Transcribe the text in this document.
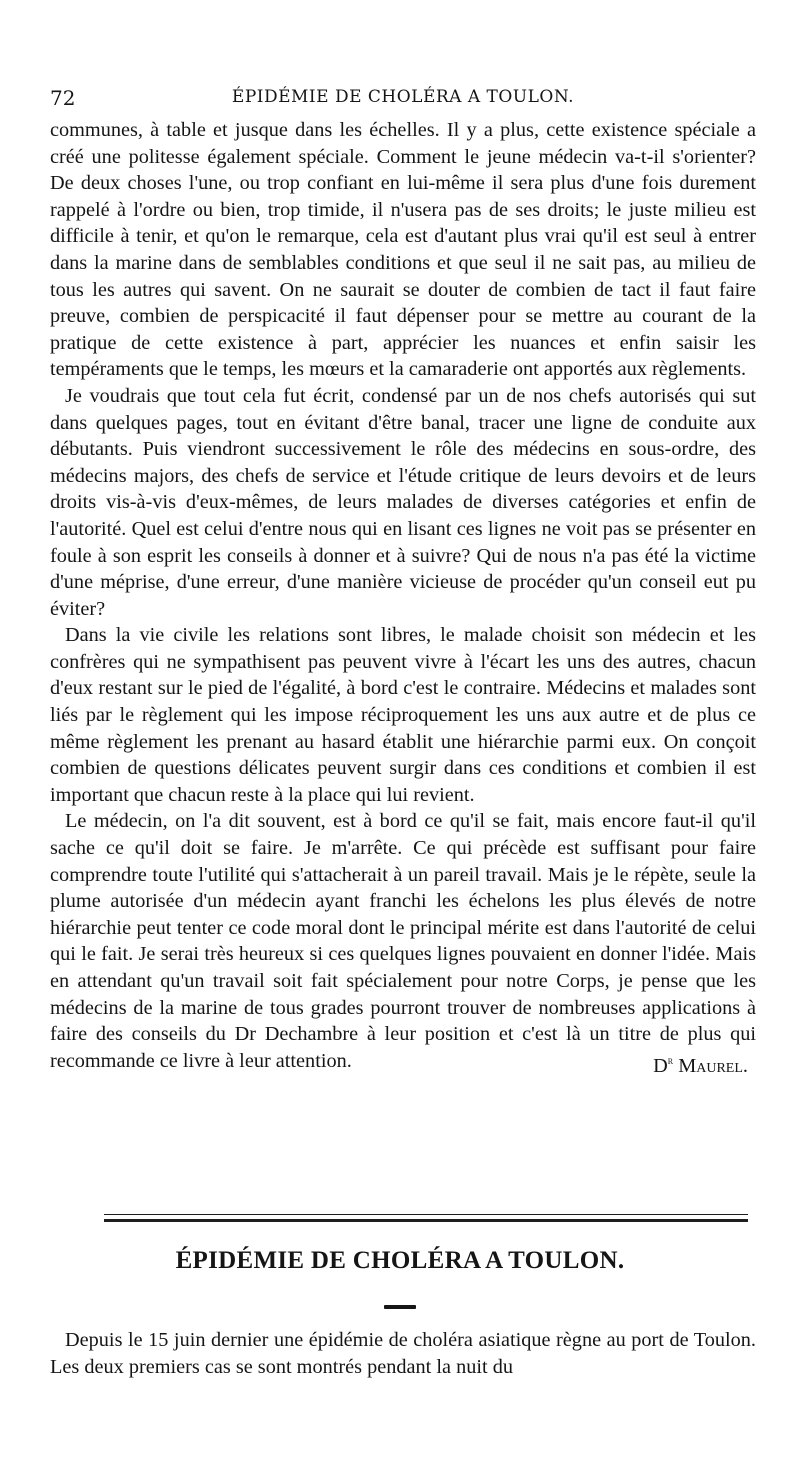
72	ÉPIDÉMIE DE CHOLÉRA A TOULON.

communes, à table et jusque dans les échelles. Il y a plus, cette existence spéciale a créé une politesse également spéciale. Comment le jeune médecin va-t-il s'orienter? De deux choses l'une, ou trop confiant en lui-même il sera plus d'une fois durement rappelé à l'ordre ou bien, trop timide, il n'usera pas de ses droits; le juste milieu est difficile à tenir, et qu'on le remarque, cela est d'autant plus vrai qu'il est seul à entrer dans la marine dans de semblables conditions et que seul il ne sait pas, au milieu de tous les autres qui savent. On ne saurait se douter de combien de tact il faut faire preuve, combien de perspicacité il faut dépenser pour se mettre au courant de la pratique de cette existence à part, apprécier les nuances et enfin saisir les tempéraments que le temps, les mœurs et la camaraderie ont apportés aux règlements.

Je voudrais que tout cela fut écrit, condensé par un de nos chefs autorisés qui sut dans quelques pages, tout en évitant d'être banal, tracer une ligne de conduite aux débutants. Puis viendront successivement le rôle des médecins en sous-ordre, des médecins majors, des chefs de service et l'étude critique de leurs devoirs et de leurs droits vis-à-vis d'eux-mêmes, de leurs malades de diverses catégories et enfin de l'autorité. Quel est celui d'entre nous qui en lisant ces lignes ne voit pas se présenter en foule à son esprit les conseils à donner et à suivre? Qui de nous n'a pas été la victime d'une méprise, d'une erreur, d'une manière vicieuse de procéder qu'un conseil eut pu éviter?

Dans la vie civile les relations sont libres, le malade choisit son médecin et les confrères qui ne sympathisent pas peuvent vivre à l'écart les uns des autres, chacun d'eux restant sur le pied de l'égalité, à bord c'est le contraire. Médecins et malades sont liés par le règlement qui les impose réciproquement les uns aux autre et de plus ce même règlement les prenant au hasard établit une hiérarchie parmi eux. On conçoit combien de questions délicates peuvent surgir dans ces conditions et combien il est important que chacun reste à la place qui lui revient.

Le médecin, on l'a dit souvent, est à bord ce qu'il se fait, mais encore faut-il qu'il sache ce qu'il doit se faire. Je m'arrête. Ce qui précède est suffisant pour faire comprendre toute l'utilité qui s'attacherait à un pareil travail. Mais je le répète, seule la plume autorisée d'un médecin ayant franchi les échelons les plus élevés de notre hiérarchie peut tenter ce code moral dont le principal mérite est dans l'autorité de celui qui le fait. Je serai très heureux si ces quelques lignes pouvaient en donner l'idée. Mais en attendant qu'un travail soit fait spécialement pour notre Corps, je pense que les médecins de la marine de tous grades pourront trouver de nombreuses applications à faire des conseils du Dr Dechambre à leur position et c'est là un titre de plus qui recommande ce livre à leur attention.	$D^r$ Maurel.

ÉPIDÉMIE DE CHOLÉRA A TOULON.

Depuis le 15 juin dernier une épidémie de choléra asiatique règne au port de Toulon. Les deux premiers cas se sont montrés pendant la nuit du
